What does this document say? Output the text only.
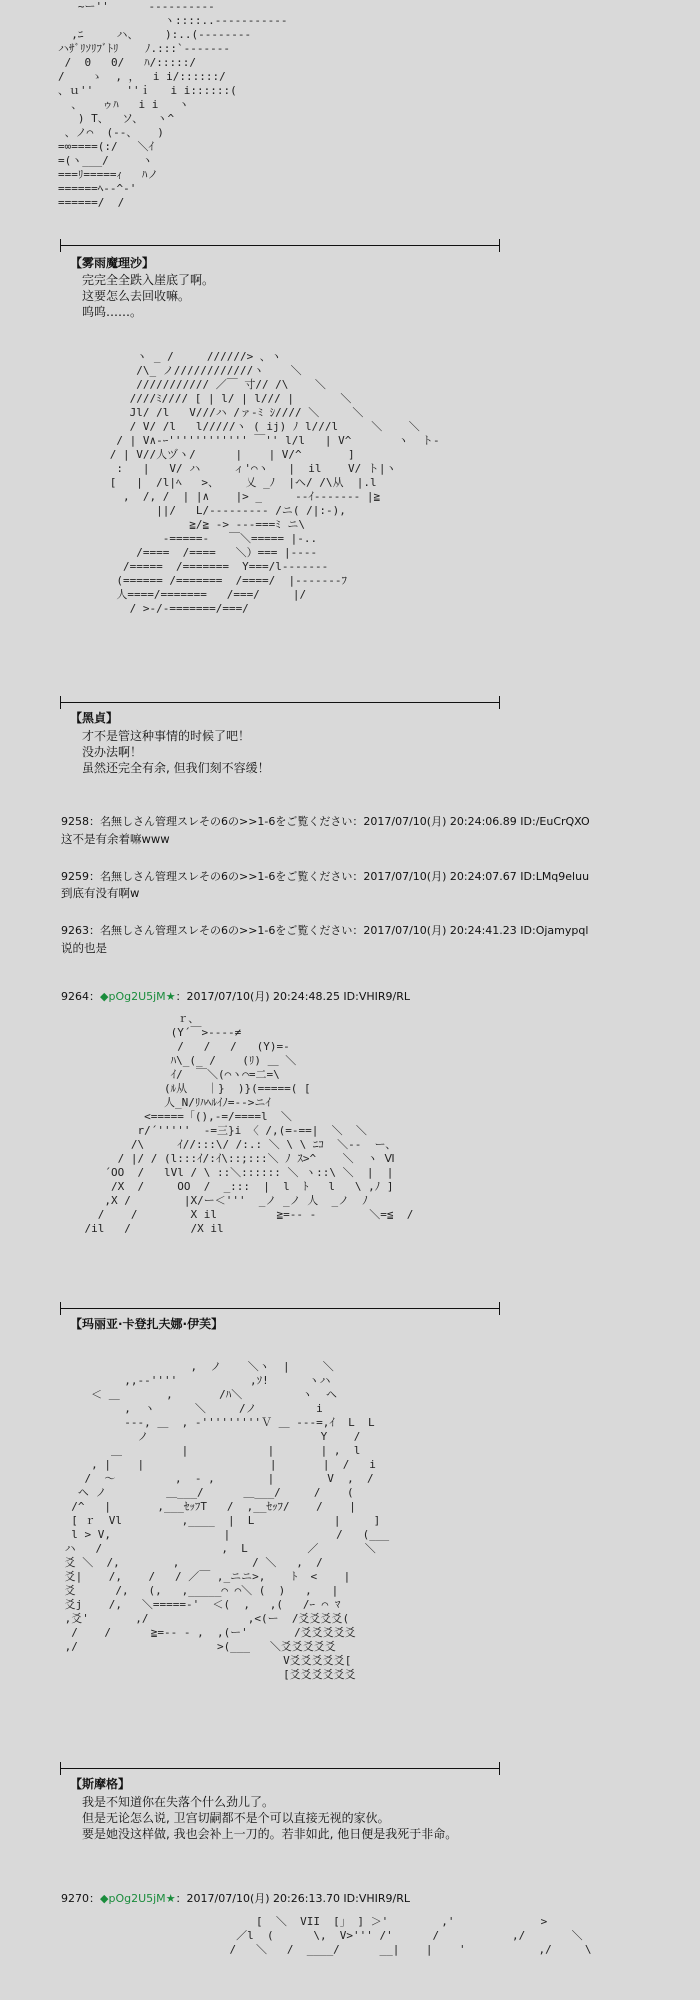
~ー''      ----------
ヽ::::..-----------
,ﾆ     ハ、    ):..(--------
ハｻﾞﾘｿﾘﾌﾞﾄﾘ    ﾉ.:::`-------
/  0   0/   ﾊ/:::::/
/    ゝ  , ，  i i/::::::/
、ｕ''     ''ｉ   i i::::::(
、   ゥﾊ   i i   ヽ
) T、  ソ、  ヽ^
、ノ⌒  (--、   )
=∞====(:/   ＼ｲ
=(ヽ___/     ヽ
===ﾘ=====ｨ   ﾊノ
======ﾍ--^-'
======/  /
【雾雨魔理沙】
完完全全跌入崖底了啊。
这要怎么去回收嘛。
呜呜……。
ヽ _ /     //////> 、ヽ
/\_ ノ////////////ヽ    ＼
/////////// ／￣ 寸// /\    ＼
////ﾐ//// [ | l/ | l/// |       ＼
Jl/ /l   V///ハ /ァ-ﾐ ｼ//// ＼     ＼
/ V/ /l   l/////ヽ ( ij) ﾉ l///l     ＼    ＼
/ | V∧-ｰ'''''''''''' ￣'' l/l   | V^       ヽ  ト-
/ | V//人ヅヽ/      |    | V/^       ]
:   |   V/ ハ     ィ'⌒ヽ   |  il    V/ ト|ヽ
[   |  /l|ﾍ   >、    乂 _ﾉ  |ヘ/ /\从  |.l
,  /, /  | |∧    |> _     --ｲ------- |≧
||/   L/--------- /ニ( /|:-),
≧/≧ -> ---===ﾐ ニ\
-=====-   ￣＼===== |-..
/====  /====   ＼）=== |----
/=====  /=======  Y===/l-------
(====== /=======  /====/  |-------ﾌ
人====/=======   /===/     |/
/ >-/-=======/===/
【黑貞】
才不是管这种事情的时候了吧！
没办法啊！
虽然还完全有余, 但我们刻不容缓！
9258：名無しさん管理スレその6の>>1-6をご覧ください：2017/07/10(月) 20:24:06.89 ID:/EuCrQXO
这不是有余着嘛www
9259：名無しさん管理スレその6の>>1-6をご覧ください：2017/07/10(月) 20:24:07.67 ID:LMq9eluu
到底有没有啊w
9263：名無しさん管理スレその6の>>1-6をご覧ください：2017/07/10(月) 20:24:41.23 ID:Ojamypql
说的也是
9264：◆pOg2U5jM★：2017/07/10(月) 20:24:48.25 ID:VHIR9/RL
ｒ、
(Y´￣>----≠
/   /   /   (Y)=-
ﾊ\_(_ /    (ﾘ) ＿ ＼
ｲ/  ￣＼(⌒ヽ⌒=二=\
(ﾙ从   ｜}  )}(=====( [
人_N/ﾘﾊﾍﾙｲﾉ=-->ニｲ
<=====「(),-=/====l  ＼
r/´'''''  -=三}i 〈 /,(=-==|  ＼  ＼
/\     ｲ//:::\/ /:.: ＼ \ \ ﾆｺ  ＼--  ー、
/ |/ / (l:::ｲ/:ｲ\::;:::＼ ﾉ ｽ>^    ＼  ヽ Ⅵ
´OO  /   lVl / \ ::＼:::::: ＼ ヽ::\ ＼  |  |
/X  /     OO  /  _:::  |  l  ﾄ   l   \ ,ﾉ ]
,X /        |X/ー＜'''  _ノ _ノ 人  _ノ  ﾉ
/    /        X il         ≧=-- -        ＼=≦  /
/il   /         /X il
【玛丽亚·卡登扎夫娜·伊芙】
,  ノ    ＼ヽ  |     ＼
,,--''''           ,ｿ!      ヽハ
＜ ＿       ,       /ﾊ＼         ヽ  ヘ
,  ヽ      ＼     /ノ         i
---, ＿  , -'''''''''Ｖ ＿ ---=,ｲ  L  L
ノ                          Y    /
＿         |            |       | ,  l
, |    |                   |       |  /   i
/  ～         ,  - ,        |        V  ,  /
ヘ ノ         ＿___/      ＿___/     /    (
/^   |       ,___ｾｯﾌT   /  ,__ｾｯﾌ/    /    |
[ ｒ  Vl         ,____  |  L            |     ]
l > V,                 |                /   (___
ハ   /                  ,  L         ／       ＼
爻 ＼  /,        ,           / ＼   ,  /
爻|    /,    /   / ／￣ ,_ニニ>,    ﾄ  <    |
爻      /,   (,   ,_____⌒ ⌒＼ (  )   ,   |
爻j    /,   ＼=====‐'  ＜(  ,   ,(   /ｰ ⌒ ﾏ
,爻'       ,/               ,<(ー  /爻爻爻爻(
/    /      ≧=-- - ,  ,(ー'       /爻爻爻爻爻
,/                     >(___   ＼爻爻爻爻爻
V爻爻爻爻爻[
[爻爻爻爻爻爻
【斯摩格】
我是不知道你在失落个什么劲儿了。
但是无论怎么说, 卫宫切嗣都不是个可以直接无视的家伙。
要是她没这样做, 我也会补上一刀的。若非如此, 他日便是我死于非命。
9270：◆pOg2U5jM★：2017/07/10(月) 20:26:13.70 ID:VHIR9/RL
[  ＼  VII  [」 ] ＞'        ,'             >
／l  (      \,  V>''' /'      /           ,/       ＼
/   ＼   /  ____/      __|    |    '           ,/     \
